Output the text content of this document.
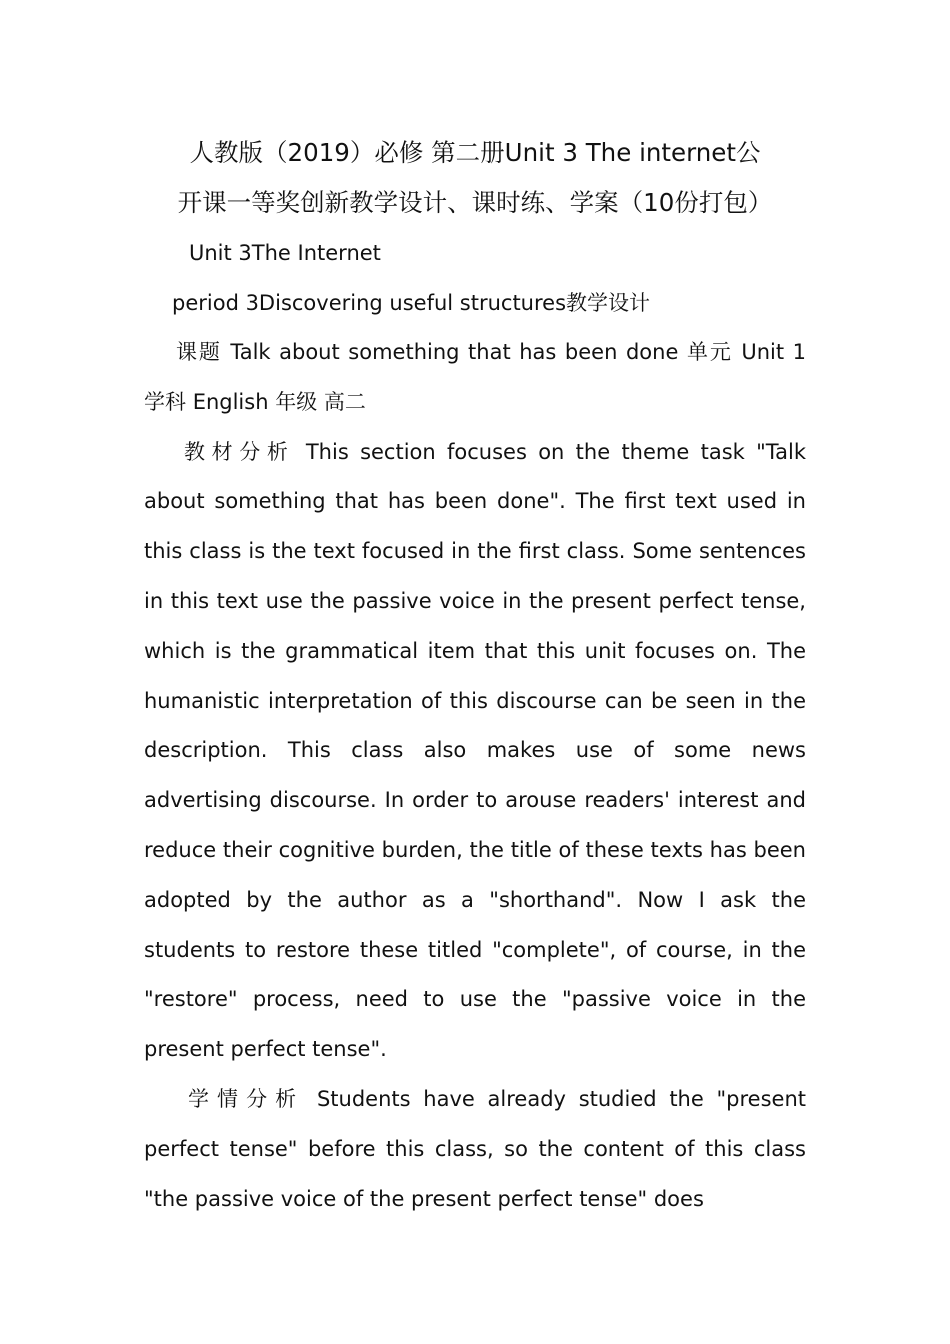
人教版（2019）必修 第二册Unit 3 The internet公
开课一等奖创新教学设计、课时练、学案（10份打包）

Unit 3The Internet

period 3Discovering useful structures教学设计

课题 Talk about something that has been done 单元 Unit 1 学科 English 年级 高二

教材分析 This section focuses on the theme task "Talk about something that has been done". The first text used in this class is the text focused in the first class. Some sentences in this text use the passive voice in the present perfect tense, which is the grammatical item that this unit focuses on. The humanistic interpretation of this discourse can be seen in the description. This class also makes use of some news advertising discourse. In order to arouse readers' interest and reduce their cognitive burden, the title of these texts has been adopted by the author as a "shorthand". Now I ask the students to restore these titled "complete", of course, in the "restore" process, need to use the "passive voice in the present perfect tense".

学情分析 Students have already studied the "present perfect tense" before this class, so the content of this class "the passive voice of the present perfect tense" does
